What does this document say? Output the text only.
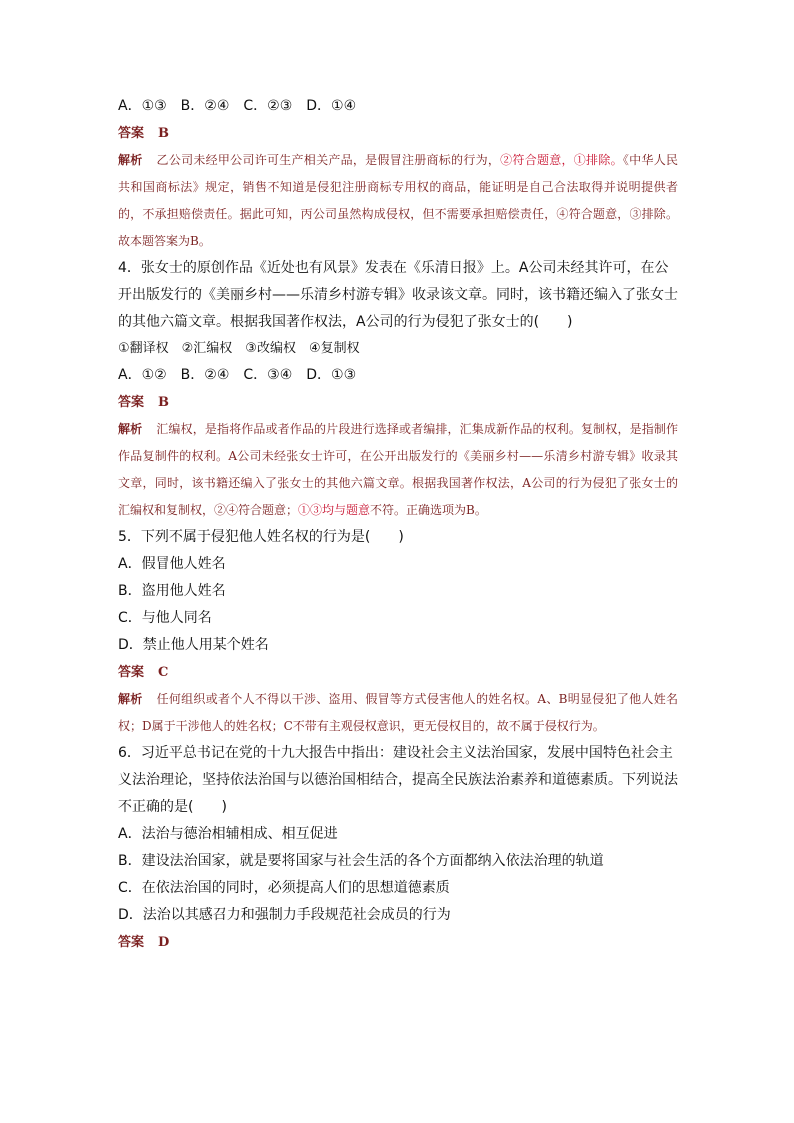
A．①③　B．②④　C．②③　D．①④
答案 B
解析 乙公司未经甲公司许可生产相关产品，是假冒注册商标的行为，②符合题意，①排除。《中华人民共和国商标法》规定，销售不知道是侵犯注册商标专用权的商品，能证明是自己合法取得并说明提供者的，不承担赔偿责任。据此可知，丙公司虽然构成侵权，但不需要承担赔偿责任，④符合题意，③排除。故本题答案为B。
4．张女士的原创作品《近处也有风景》发表在《乐清日报》上。A公司未经其许可，在公
开出版发行的《美丽乡村——乐清乡村游专辑》收录该文章。同时，该书籍还编入了张女士
的其他六篇文章。根据我国著作权法，A公司的行为侵犯了张女士的(　　)
①翻译权　②汇编权　③改编权　④复制权
A．①②　B．②④　C．③④　D．①③
答案 B
解析 汇编权，是指将作品或者作品的片段进行选择或者编排，汇集成新作品的权利。复制权，是指制作作品复制件的权利。A公司未经张女士许可，在公开出版发行的《美丽乡村——乐清乡村游专辑》收录其文章，同时，该书籍还编入了张女士的其他六篇文章。根据我国著作权法，A公司的行为侵犯了张女士的汇编权和复制权，②④符合题意；①③均与题意不符。正确选项为B。
5．下列不属于侵犯他人姓名权的行为是(　　)
A．假冒他人姓名
B．盗用他人姓名
C．与他人同名
D．禁止他人用某个姓名
答案 C
解析 任何组织或者个人不得以干涉、盗用、假冒等方式侵害他人的姓名权。A、B明显侵犯了他人姓名权；D属于干涉他人的姓名权；C不带有主观侵权意识，更无侵权目的，故不属于侵权行为。
6．习近平总书记在党的十九大报告中指出：建设社会主义法治国家，发展中国特色社会主
义法治理论，坚持依法治国与以德治国相结合，提高全民族法治素养和道德素质。下列说法
不正确的是(　　)
A．法治与德治相辅相成、相互促进
B．建设法治国家，就是要将国家与社会生活的各个方面都纳入依法治理的轨道
C．在依法治国的同时，必须提高人们的思想道德素质
D．法治以其感召力和强制力手段规范社会成员的行为
答案 D
